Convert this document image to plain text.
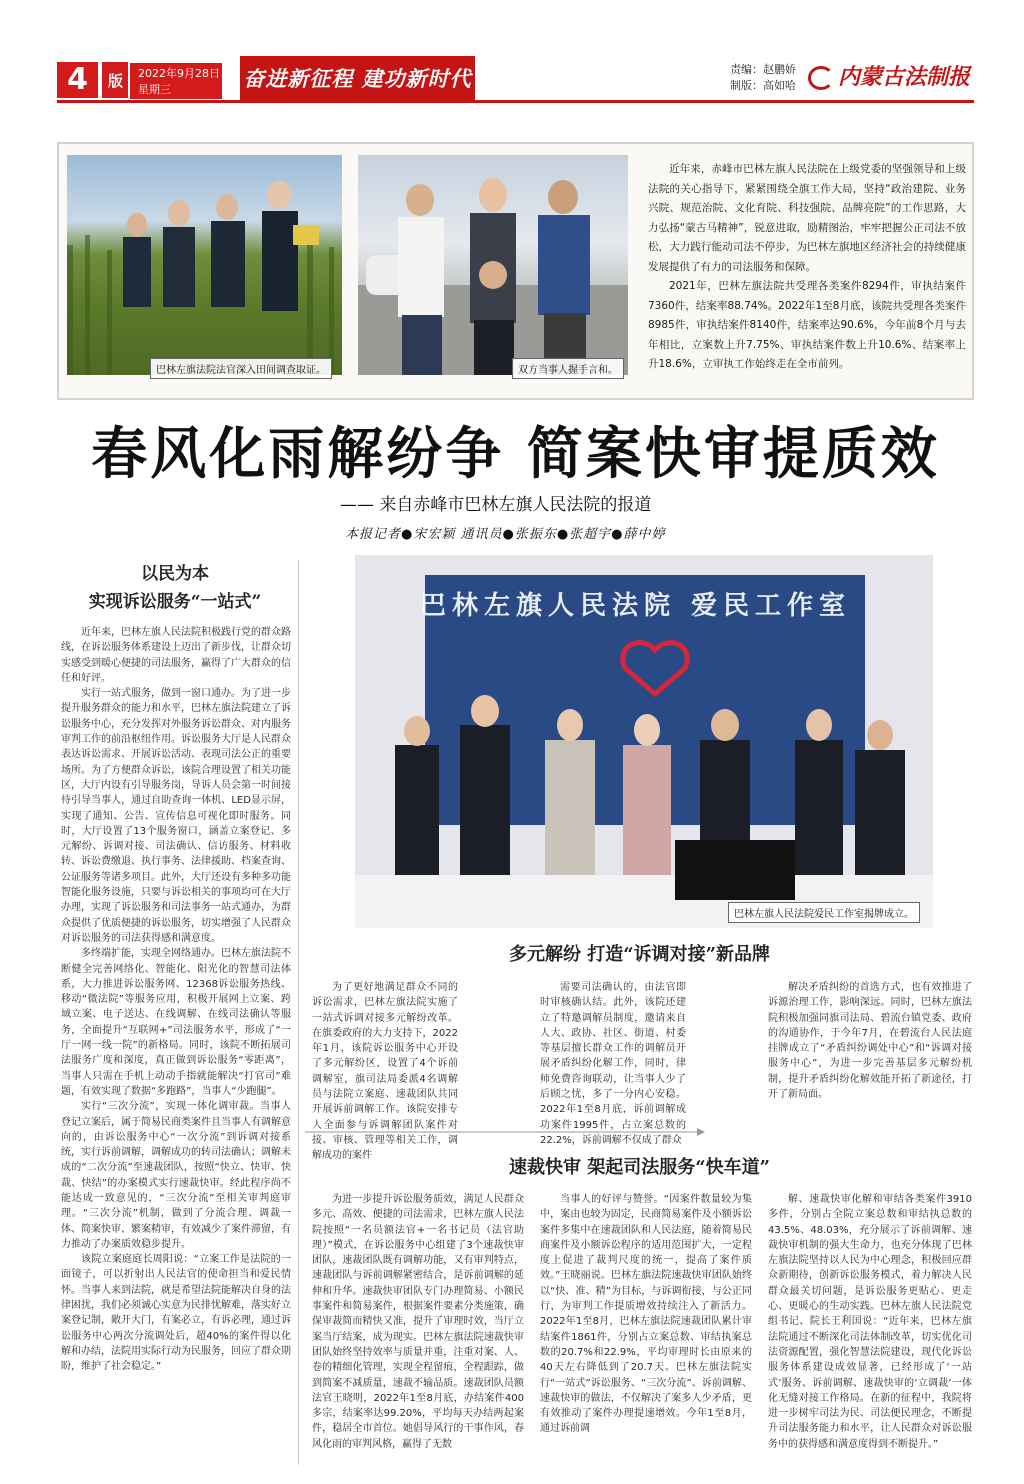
4	版	2022年9月28日
星期三	奋进新征程 建功新时代	责编：赵鹏娇
制版：高如哈	内蒙古法制报
巴林左旗法院法官深入田间调查取证。	双方当事人握手言和。

近年来，赤峰市巴林左旗人民法院在上级党委的坚强领导和上级法院的关心指导下，紧紧围绕全旗工作大局，坚持“政治建院、业务兴院、规范治院、文化育院、科技强院、品牌亮院”的工作思路，大力弘扬“蒙古马精神”，锐意进取，励精图治，牢牢把握公正司法不放松，大力践行能动司法不停步，为巴林左旗地区经济社会的持续健康发展提供了有力的司法服务和保障。

2021年，巴林左旗法院共受理各类案件8294件，审执结案件7360件，结案率88.74%。2022年1至8月底，该院共受理各类案件8985件，审执结案件8140件，结案率达90.6%，今年前8个月与去年相比，立案数上升7.75%、审执结案件数上升10.6%、结案率上升18.6%，立审执工作始终走在全市前列。

春风化雨解纷争 简案快审提质效
—— 来自赤峰市巴林左旗人民法院的报道
本报记者●宋宏颖 通讯员●张振东●张超宇●薛中婷
以民为本
实现诉讼服务“一站式”

近年来，巴林左旗人民法院积极践行党的群众路线，在诉讼服务体系建设上迈出了新步伐，让群众切实感受到暖心便捷的司法服务，赢得了广大群众的信任和好评。

实行一站式服务，做到一窗口通办。为了进一步提升服务群众的能力和水平，巴林左旗法院建立了诉讼服务中心，充分发挥对外服务诉讼群众、对内服务审判工作的前沿枢纽作用。诉讼服务大厅是人民群众表达诉讼需求、开展诉讼活动、表现司法公正的重要场所。为了方便群众诉讼，该院合理设置了相关功能区，大厅内设有引导服务岗，导诉人员会第一时间接待引导当事人，通过自助查询一体机、LED显示屏，实现了通知、公告、宣传信息可视化即时服务。同时，大厅设置了13个服务窗口，涵盖立案登记、多元解纷、诉调对接、司法确认、信访服务、材料收转、诉讼费缴退、执行事务、法律援助、档案查询、公证服务等诸多项目。此外，大厅还设有多种多功能智能化服务设施，只要与诉讼相关的事项均可在大厅办理，实现了诉讼服务和司法事务一站式通办，为群众提供了优质便捷的诉讼服务，切实增强了人民群众对诉讼服务的司法获得感和满意度。

多终端扩能，实现全网络通办。巴林左旗法院不断健全完善网络化、智能化、阳光化的智慧司法体系，大力推进诉讼服务网、12368诉讼服务热线、移动“微法院”等服务应用，积极开展网上立案、跨域立案、电子送达、在线调解、在线司法确认等服务，全面提升“互联网+”司法服务水平，形成了“一厅一网一线一院”的新格局。同时，该院不断拓展司法服务广度和深度，真正做到诉讼服务“零距离”，当事人只需在手机上动动手指就能解决“打官司”难题，有效实现了数据“多跑路”，当事人“少跑腿”。

实行“三次分流”，实现一体化调审裁。当事人登记立案后，属于简易民商类案件且当事人有调解意向的，由诉讼服务中心“一次分流”到诉调对接系统，实行诉前调解，调解成功的转司法确认；调解未成的“二次分流”至速裁团队，按照“快立、快审、快裁、快结”的办案模式实行速裁快审。经此程序尚不能达成一致意见的，“三次分流”至相关审判庭审理。“三次分流”机制，做到了分流合理、调裁一体、简案快审、繁案精审，有效减少了案件滞留，有力推动了办案质效稳步提升。

该院立案庭庭长周阳说：“立案工作是法院的一面镜子，可以折射出人民法官的使命担当和爱民情怀。当事人来到法院，就是希望法院能解决自身的法律困扰，我们必须诚心实意为民排忧解难，落实好立案登记制，敞开大门，有案必立，有诉必理，通过诉讼服务中心两次分流调处后，超40%的案件得以化解和办结，法院用实际行动为民服务，回应了群众期盼，维护了社会稳定。”

巴林左旗人民法院 爱民工作室
巴林左旗人民法院爱民工作室揭牌成立。
多元解纷 打造“诉调对接”新品牌

为了更好地满足群众不同的诉讼需求，巴林左旗法院实施了一站式诉调对接多元解纷改革。在旗委政府的大力支持下，2022年1月，该院诉讼服务中心开设了多元解纷区，设置了4个诉前调解室，旗司法局委派4名调解员与法院立案庭、速裁团队共同开展诉前调解工作。该院安排专人全面参与诉调解团队案件对接、审核、管理等相关工作，调解成功的案件

需要司法确认的，由法官即时审核确认结。此外，该院还建立了特邀调解员制度，邀请来自人大、政协、社区、街道、村委等基层擅长群众工作的调解员开展矛盾纠纷化解工作，同时，律师免费咨询联动，让当事人少了后顾之忧，多了一分内心安稳。2022年1至8月底，诉前调解成功案件1995件，占立案总数的22.2%，诉前调解不仅成了群众

解决矛盾纠纷的首选方式，也有效推进了诉源治理工作，影响深远。同时，巴林左旗法院积极加强同旗司法局、碧流台镇党委、政府的沟通协作，于今年7月，在碧流台人民法庭挂牌成立了“矛盾纠纷调处中心”和“诉调对接服务中心”，为进一步完善基层多元解纷机制，提升矛盾纠纷化解效能开拓了新途径，打开了新局面。

速裁快审 架起司法服务“快车道”

为进一步提升诉讼服务质效，满足人民群众多元、高效、便捷的司法需求，巴林左旗人民法院按照“一名员额法官+一名书记员（法官助理）”模式，在诉讼服务中心组建了3个速裁快审团队，速裁团队既有调解功能，又有审判特点，速裁团队与诉前调解紧密结合，是诉前调解的延伸和升华。速裁快审团队专门办理简易、小额民事案件和简易案件，根据案件要素分类施策，确保审裁简而精快又准，提升了审理时效，当厅立案当厅结案，成为现实。巴林左旗法院速裁快审团队始终坚持效率与质量并重，注重对案、人、卷的精细化管理，实现全程留痕，全程跟踪，做到简案不减质量，速裁不输品质。速裁团队员额法官王晓明，2022年1至8月底，办结案件400多宗，结案率达99.20%，平均每天办结两起案件，稳居全市首位。她倡导风行的干事作风，春风化雨的审判风格，赢得了无数

当事人的好评与赞誉。“因案件数量较为集中，案由也较为固定，民商简易案件及小额诉讼案件多集中在速裁团队和人民法庭，随着简易民商案件及小额诉讼程序的适用范围扩大，一定程度上促进了裁判尺度的统一，提高了案件质效。”王晓丽说。巴林左旗法院速裁快审团队始终以“快、准、精”为目标，与诉调衔接，与公正同行，为审判工作提质增效持续注入了新活力。2022年1至8月，巴林左旗法院速裁团队累计审结案件1861件，分别占立案总数、审结执案总数的20.7%和22.9%，平均审理时长由原来的40天左右降低到了20.7天。巴林左旗法院实行“一站式”诉讼服务、“三次分流”、诉前调解、速裁快审的做法，不仅解决了案多人少矛盾，更有效推动了案件办理提速增效。今年1至8月，通过诉前调

解、速裁快审化解和审结各类案件3910多件，分别占全院立案总数和审结执总数的43.5%、48.03%，充分展示了诉前调解、速裁快审机制的强大生命力，也充分体现了巴林左旗法院坚持以人民为中心理念，积极回应群众新期待，创新诉讼服务模式，着力解决人民群众最关切问题，是诉讼服务更贴心、更走心、更暖心的生动实践。巴林左旗人民法院党组书记、院长王利国说：“近年来，巴林左旗法院通过不断深化司法体制改革，切实优化司法资源配置，强化智慧法院建设，现代化诉讼服务体系建设成效显著，已经形成了‘一站式’服务、诉前调解、速裁快审的‘立调裁’一体化无缝对接工作格局。在新的征程中，我院将进一步树牢司法为民、司法便民理念，不断提升司法服务能力和水平，让人民群众对诉讼服务中的获得感和满意度得到不断提升。”
